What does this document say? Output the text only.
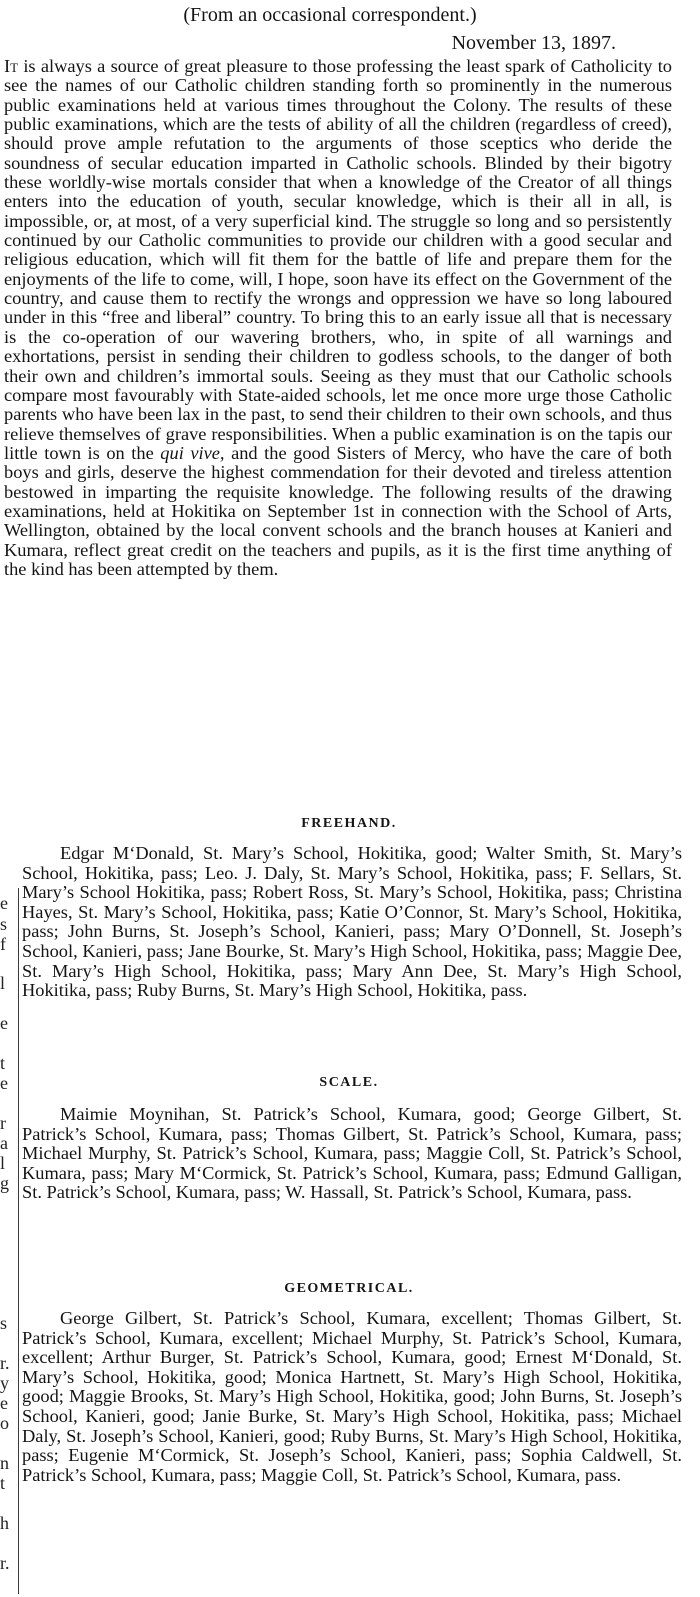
(From an occasional correspondent.)
November 13, 1897.

It is always a source of great pleasure to those professing the least spark of Catholicity to see the names of our Catholic children standing forth so prominently in the numerous public examinations held at various times throughout the Colony. The results of these public examinations, which are the tests of ability of all the children (regardless of creed), should prove ample refutation to the arguments of those sceptics who deride the soundness of secular education imparted in Catholic schools. Blinded by their bigotry these worldly-wise mortals consider that when a knowledge of the Creator of all things enters into the education of youth, secular knowledge, which is their all in all, is impossible, or, at most, of a very superficial kind. The struggle so long and so persistently continued by our Catholic communities to provide our children with a good secular and religious education, which will fit them for the battle of life and prepare them for the enjoyments of the life to come, will, I hope, soon have its effect on the Government of the country, and cause them to rectify the wrongs and oppression we have so long laboured under in this “free and liberal” country. To bring this to an early issue all that is necessary is the co-operation of our wavering brothers, who, in spite of all warnings and exhortations, persist in sending their children to godless schools, to the danger of both their own and children’s immortal souls. Seeing as they must that our Catholic schools compare most favourably with State-aided schools, let me once more urge those Catholic parents who have been lax in the past, to send their children to their own schools, and thus relieve themselves of grave responsibilities. When a public examination is on the tapis our little town is on the qui vive, and the good Sisters of Mercy, who have the care of both boys and girls, deserve the highest commendation for their devoted and tireless attention bestowed in imparting the requisite knowledge. The following results of the drawing examinations, held at Hokitika on September 1st in connection with the School of Arts, Wellington, obtained by the local convent schools and the branch houses at Kanieri and Kumara, reflect great credit on the teachers and pupils, as it is the first time anything of the kind has been attempted by them.

e
s
f
l
e
t
e
r
a
l
g
s
r.
y
e
o
n
t
h
r.
FREEHAND.

Edgar M‘Donald, St. Mary’s School, Hokitika, good; Walter Smith, St. Mary’s School, Hokitika, pass; Leo. J. Daly, St. Mary’s School, Hokitika, pass; F. Sellars, St. Mary’s School Hokitika, pass; Robert Ross, St. Mary’s School, Hokitika, pass; Christina Hayes, St. Mary’s School, Hokitika, pass; Katie O’Connor, St. Mary’s School, Hokitika, pass; John Burns, St. Joseph’s School, Kanieri, pass; Mary O’Donnell, St. Joseph’s School, Kanieri, pass; Jane Bourke, St. Mary’s High School, Hokitika, pass; Maggie Dee, St. Mary’s High School, Hokitika, pass; Mary Ann Dee, St. Mary’s High School, Hokitika, pass; Ruby Burns, St. Mary’s High School, Hokitika, pass.

SCALE.

Maimie Moynihan, St. Patrick’s School, Kumara, good; George Gilbert, St. Patrick’s School, Kumara, pass; Thomas Gilbert, St. Patrick’s School, Kumara, pass; Michael Murphy, St. Patrick’s School, Kumara, pass; Maggie Coll, St. Patrick’s School, Kumara, pass; Mary M‘Cormick, St. Patrick’s School, Kumara, pass; Edmund Galligan, St. Patrick’s School, Kumara, pass; W. Hassall, St. Patrick’s School, Kumara, pass.

GEOMETRICAL.

George Gilbert, St. Patrick’s School, Kumara, excellent; Thomas Gilbert, St. Patrick’s School, Kumara, excellent; Michael Murphy, St. Patrick’s School, Kumara, excellent; Arthur Burger, St. Patrick’s School, Kumara, good; Ernest M‘Donald, St. Mary’s School, Hokitika, good; Monica Hartnett, St. Mary’s High School, Hokitika, good; Maggie Brooks, St. Mary’s High School, Hokitika, good; John Burns, St. Joseph’s School, Kanieri, good; Janie Burke, St. Mary’s High School, Hokitika, pass; Michael Daly, St. Joseph’s School, Kanieri, good; Ruby Burns, St. Mary’s High School, Hokitika, pass; Eugenie M‘Cormick, St. Joseph’s School, Kanieri, pass; Sophia Caldwell, St. Patrick’s School, Kumara, pass; Maggie Coll, St. Patrick’s School, Kumara, pass.
